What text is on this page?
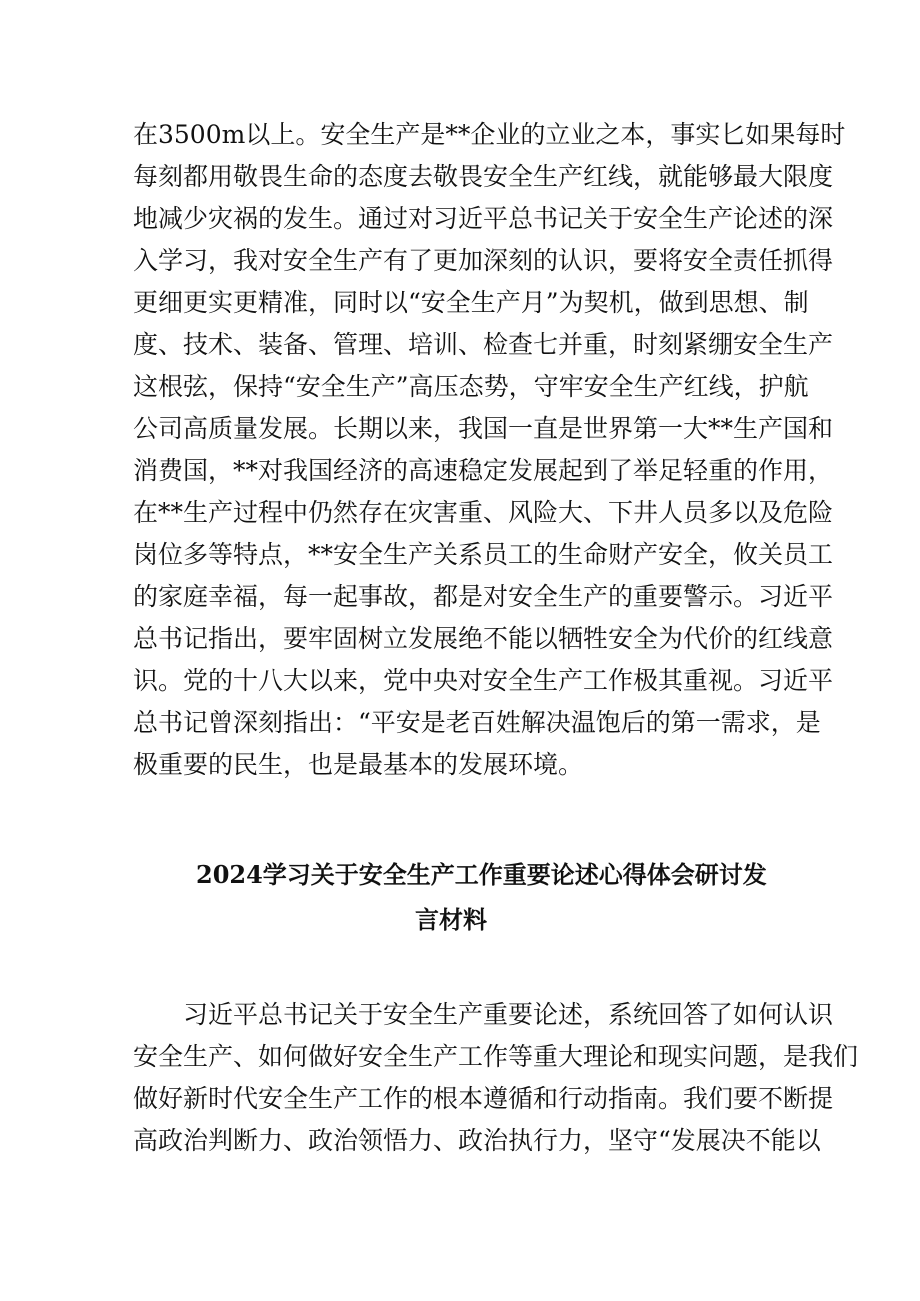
在3500m以上。安全生产是**企业的立业之本，事实匕如果每时
每刻都用敬畏生命的态度去敬畏安全生产红线，就能够最大限度
地减少灾祸的发生。通过对习近平总书记关于安全生产论述的深
入学习，我对安全生产有了更加深刻的认识，要将安全责任抓得
更细更实更精准，同时以“安全生产月”为契机，做到思想、制
度、技术、装备、管理、培训、检查七并重，时刻紧绷安全生产
这根弦，保持“安全生产”高压态势，守牢安全生产红线，护航
公司高质量发展。长期以来，我国一直是世界第一大**生产国和
消费国，**对我国经济的高速稳定发展起到了举足轻重的作用，
在**生产过程中仍然存在灾害重、风险大、下井人员多以及危险
岗位多等特点，**安全生产关系员工的生命财产安全，攸关员工
的家庭幸福，每一起事故，都是对安全生产的重要警示。习近平
总书记指出，要牢固树立发展绝不能以牺牲安全为代价的红线意
识。党的十八大以来，党中央对安全生产工作极其重视。习近平
总书记曾深刻指出：“平安是老百姓解决温饱后的第一需求，是
极重要的民生，也是最基本的发展环境。
2024学习关于安全生产工作重要论述心得体会研讨发
言材料
习近平总书记关于安全生产重要论述，系统回答了如何认识
安全生产、如何做好安全生产工作等重大理论和现实问题，是我们
做好新时代安全生产工作的根本遵循和行动指南。我们要不断提
高政治判断力、政治领悟力、政治执行力，坚守“发展决不能以
